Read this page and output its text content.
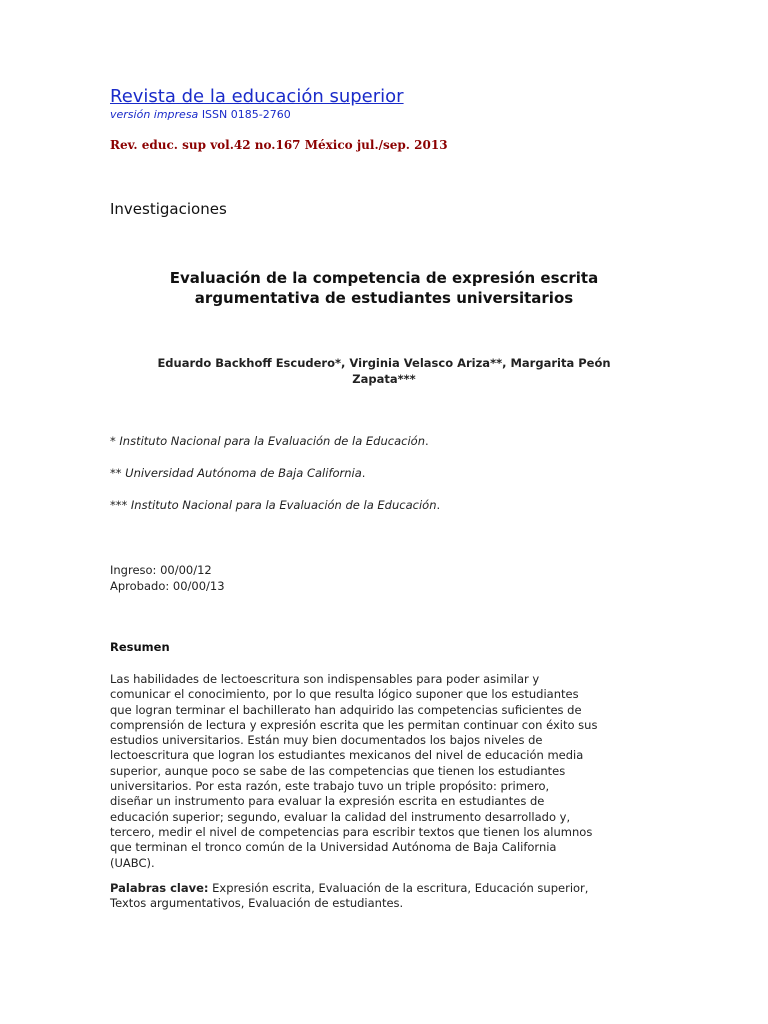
Revista de la educación superior
versión impresa ISSN 0185-2760
Rev. educ. sup vol.42 no.167 México jul./sep. 2013
Investigaciones
Evaluación de la competencia de expresión escrita
argumentativa de estudiantes universitarios
Eduardo Backhoff Escudero*, Virginia Velasco Ariza**, Margarita Peón
Zapata***
* Instituto Nacional para la Evaluación de la Educación.
** Universidad Autónoma de Baja California.
*** Instituto Nacional para la Evaluación de la Educación.
Ingreso: 00/00/12
Aprobado: 00/00/13
Resumen
Las habilidades de lectoescritura son indispensables para poder asimilar y
comunicar el conocimiento, por lo que resulta lógico suponer que los estudiantes
que logran terminar el bachillerato han adquirido las competencias suficientes de
comprensión de lectura y expresión escrita que les permitan continuar con éxito sus
estudios universitarios. Están muy bien documentados los bajos niveles de
lectoescritura que logran los estudiantes mexicanos del nivel de educación media
superior, aunque poco se sabe de las competencias que tienen los estudiantes
universitarios. Por esta razón, este trabajo tuvo un triple propósito: primero,
diseñar un instrumento para evaluar la expresión escrita en estudiantes de
educación superior; segundo, evaluar la calidad del instrumento desarrollado y,
tercero, medir el nivel de competencias para escribir textos que tienen los alumnos
que terminan el tronco común de la Universidad Autónoma de Baja California
(UABC).
Palabras clave: Expresión escrita, Evaluación de la escritura, Educación superior,
Textos argumentativos, Evaluación de estudiantes.
